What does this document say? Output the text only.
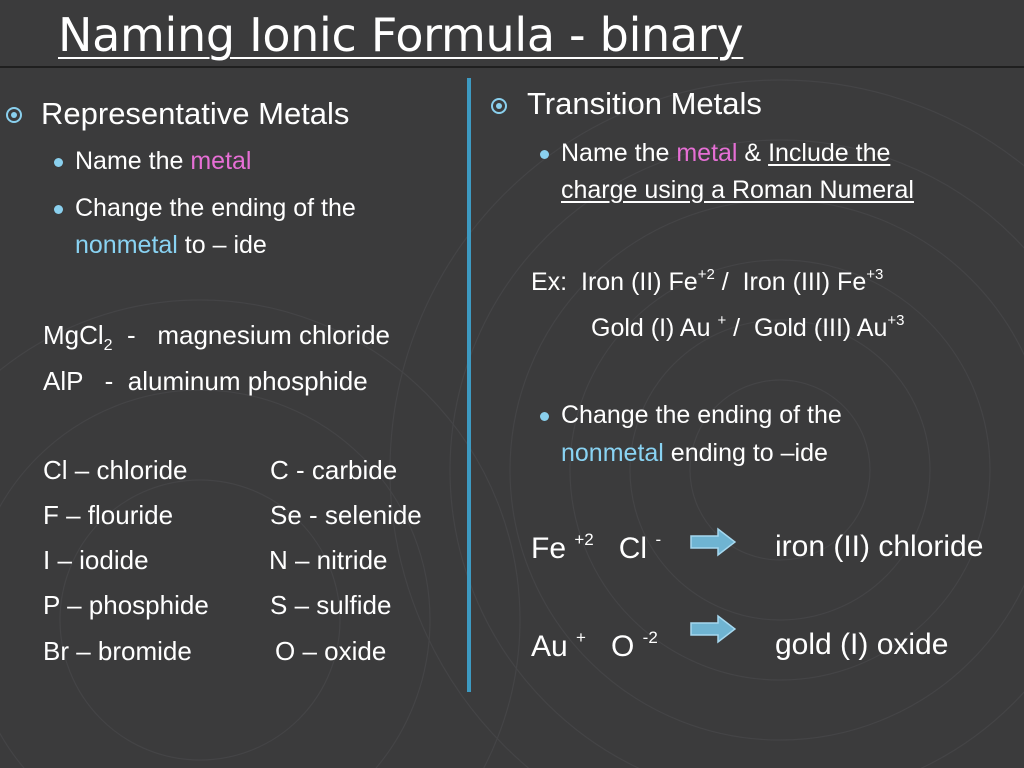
Naming Ionic Formula - binary
Representative Metals
Name the metal
Change the ending of the
nonmetal to – ide
MgCl$_2$  -   magnesium chloride
AlP   -  aluminum phosphide
Cl – chloride
F – flouride
I – iodide
P – phosphide
Br – bromide
C - carbide
Se - selenide
N – nitride
S – sulfide
O – oxide
Transition Metals
Name the metal & Include the
charge using a Roman Numeral
Ex:  Iron (II) $Fe^{+2}$ /  Iron (III) $Fe^{+3}$
Gold (I) Au + /  Gold (III) $Au^{+3}$
Change the ending of the
nonmetal ending to –ide
Fe $^{+2}$ Cl -	iron (II) chloride
Au + O $^{-2}$	gold (I) oxide
